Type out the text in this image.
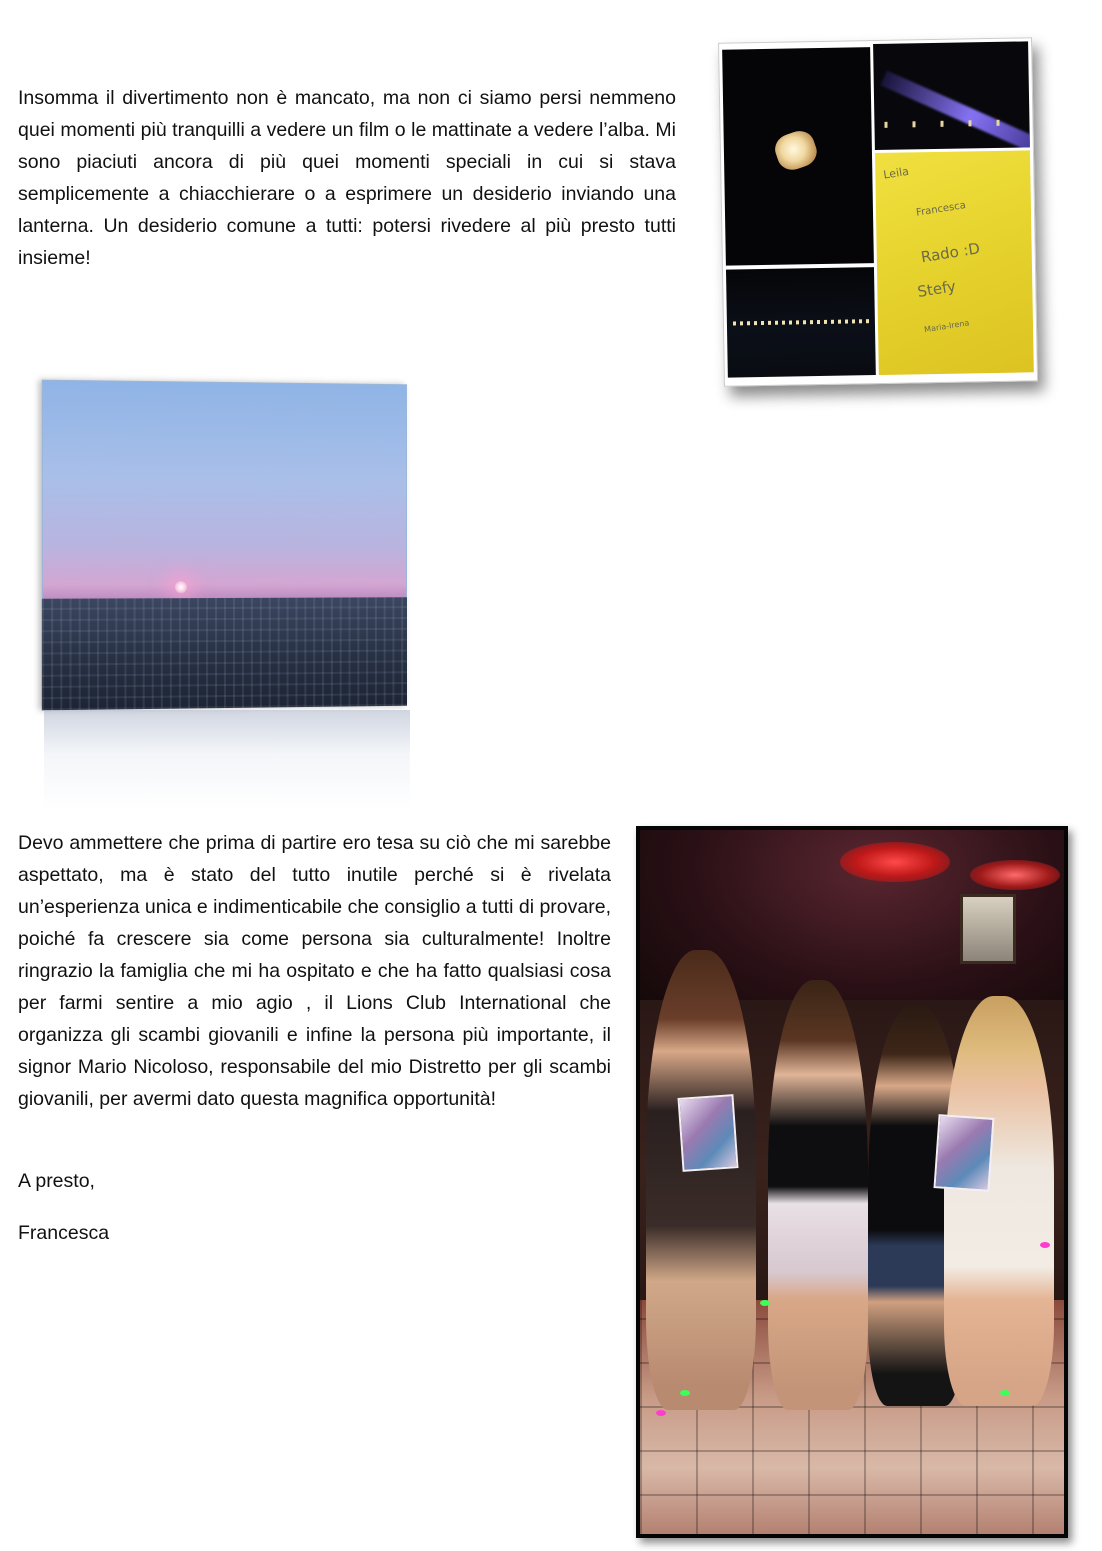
Insomma il divertimento non è mancato, ma non ci siamo persi nemmeno quei momenti più tranquilli a vedere un film o le mattinate a vedere l’alba. Mi sono piaciuti ancora di più quei momenti speciali in cui si stava semplicemente a chiacchierare o a esprimere un desiderio inviando una lanterna. Un desiderio comune a tutti: potersi rivedere al più presto tutti insieme!

Leila
Francesca
Rado :D
Stefy
Maria-Irena

Devo ammettere che prima di partire ero tesa su ciò che mi sarebbe aspettato, ma è stato del tutto inutile perché si è rivelata un’esperienza unica e indimenticabile che consiglio a tutti di provare, poiché fa crescere sia come persona sia culturalmente! Inoltre ringrazio la famiglia che mi ha ospitato e che ha fatto qualsiasi cosa per farmi sentire a mio agio , il Lions Club International che organizza gli scambi giovanili e infine la persona più importante, il signor Mario Nicoloso, responsabile del mio Distretto per gli scambi giovanili, per avermi dato questa magnifica opportunità!

A presto,

Francesca
